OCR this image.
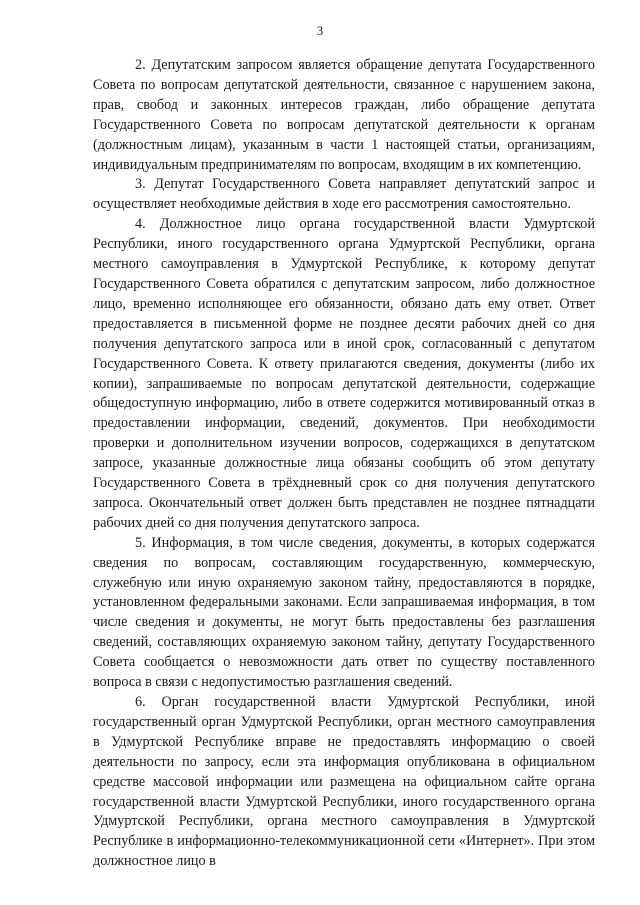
3

2. Депутатским запросом является обращение депутата Государственного Совета по вопросам депутатской деятельности, связанное с нарушением закона, прав, свобод и законных интересов граждан, либо обращение депутата Государственного Совета по вопросам депутатской деятельности к органам (должностным лицам), указанным в части 1 настоящей статьи, организациям, индивидуальным предпринимателям по вопросам, входящим в их компетенцию.

3. Депутат Государственного Совета направляет депутатский запрос и осуществляет необходимые действия в ходе его рассмотрения самостоятельно.

4. Должностное лицо органа государственной власти Удмуртской Республики, иного государственного органа Удмуртской Республики, органа местного самоуправления в Удмуртской Республике, к которому депутат Государственного Совета обратился с депутатским запросом, либо должностное лицо, временно исполняющее его обязанности, обязано дать ему ответ. Ответ предоставляется в письменной форме не позднее десяти рабочих дней со дня получения депутатского запроса или в иной срок, согласованный с депутатом Государственного Совета. К ответу прилагаются сведения, документы (либо их копии), запрашиваемые по вопросам депутатской деятельности, содержащие общедоступную информацию, либо в ответе содержится мотивированный отказ в предоставлении информации, сведений, документов. При необходимости проверки и дополнительном изучении вопросов, содержащихся в депутатском запросе, указанные должностные лица обязаны сообщить об этом депутату Государственного Совета в трёхдневный срок со дня получения депутатского запроса. Окончательный ответ должен быть представлен не позднее пятнадцати рабочих дней со дня получения депутатского запроса.

5. Информация, в том числе сведения, документы, в которых содержатся сведения по вопросам, составляющим государственную, коммерческую, служебную или иную охраняемую законом тайну, предоставляются в порядке, установленном федеральными законами. Если запрашиваемая информация, в том числе сведения и документы, не могут быть предоставлены без разглашения сведений, составляющих охраняемую законом тайну, депутату Государственного Совета сообщается о невозможности дать ответ по существу поставленного вопроса в связи с недопустимостью разглашения сведений.

6. Орган государственной власти Удмуртской Республики, иной государственный орган Удмуртской Республики, орган местного самоуправления в Удмуртской Республике вправе не предоставлять информацию о своей деятельности по запросу, если эта информация опубликована в официальном средстве массовой информации или размещена на официальном сайте органа государственной власти Удмуртской Республики, иного государственного органа Удмуртской Республики, органа местного самоуправления в Удмуртской Республике в информационно-телекоммуникационной сети «Интернет». При этом должностное лицо в
